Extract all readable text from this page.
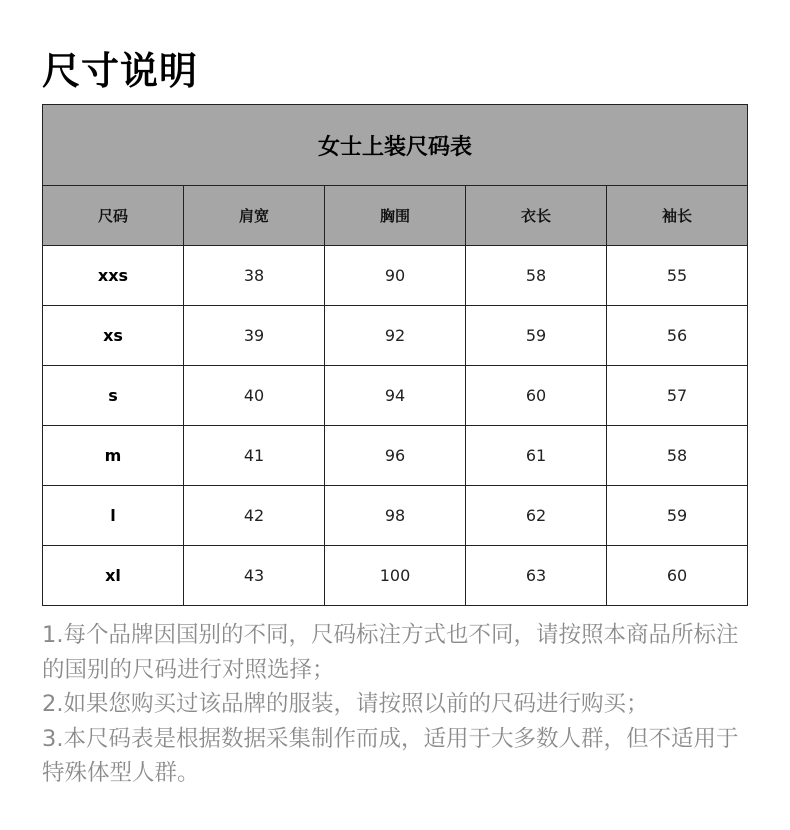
尺寸说明
女士上装尺码表				
尺码	肩宽	胸围	衣长	袖长
xxs	38	90	58	55
xs	39	92	59	56
s	40	94	60	57
m	41	96	61	58
l	42	98	62	59
xl	43	100	63	60

1.每个品牌因国别的不同，尺码标注方式也不同，请按照本商品所标注的国别的尺码进行对照选择；

2.如果您购买过该品牌的服装，请按照以前的尺码进行购买；

3.本尺码表是根据数据采集制作而成，适用于大多数人群，但不适用于特殊体型人群。
